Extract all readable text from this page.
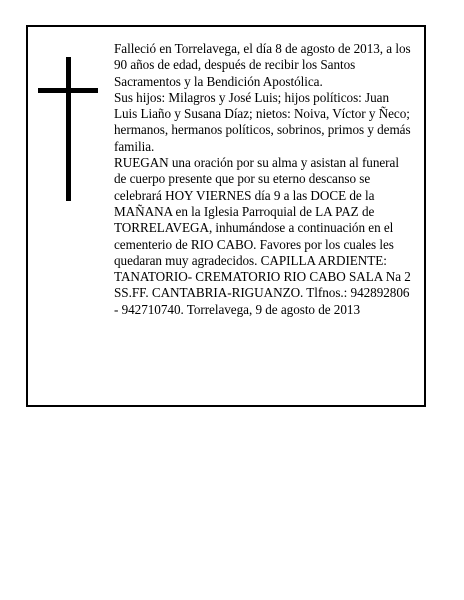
Falleció en Torrelavega, el día 8 de agosto de 2013, a los 90 años de edad, después de recibir los Santos Sacramentos y la Bendición Apostólica.

Sus hijos: Milagros y José Luis; hijos políticos: Juan Luis Liaño y Susana Díaz; nietos: Noiva, Víctor y Ñeco; hermanos, hermanos políticos, sobrinos, primos y demás familia.

RUEGAN una oración por su alma y asistan al funeral de cuerpo presente que por su eterno descanso se celebrará HOY VIERNES día 9 a las DOCE de la MAÑANA en la Iglesia Parroquial de LA PAZ de TORRELAVEGA, inhumándose a continuación en el cementerio de RIO CABO. Favores por los cuales les quedaran muy agradecidos. CAPILLA ARDIENTE: TANATORIO- CREMATORIO RIO CABO SALA Na 2

SS.FF. CANTABRIA-RIGUANZO. Tlfnos.: 942892806 - 942710740. Torrelavega, 9 de agosto de 2013
